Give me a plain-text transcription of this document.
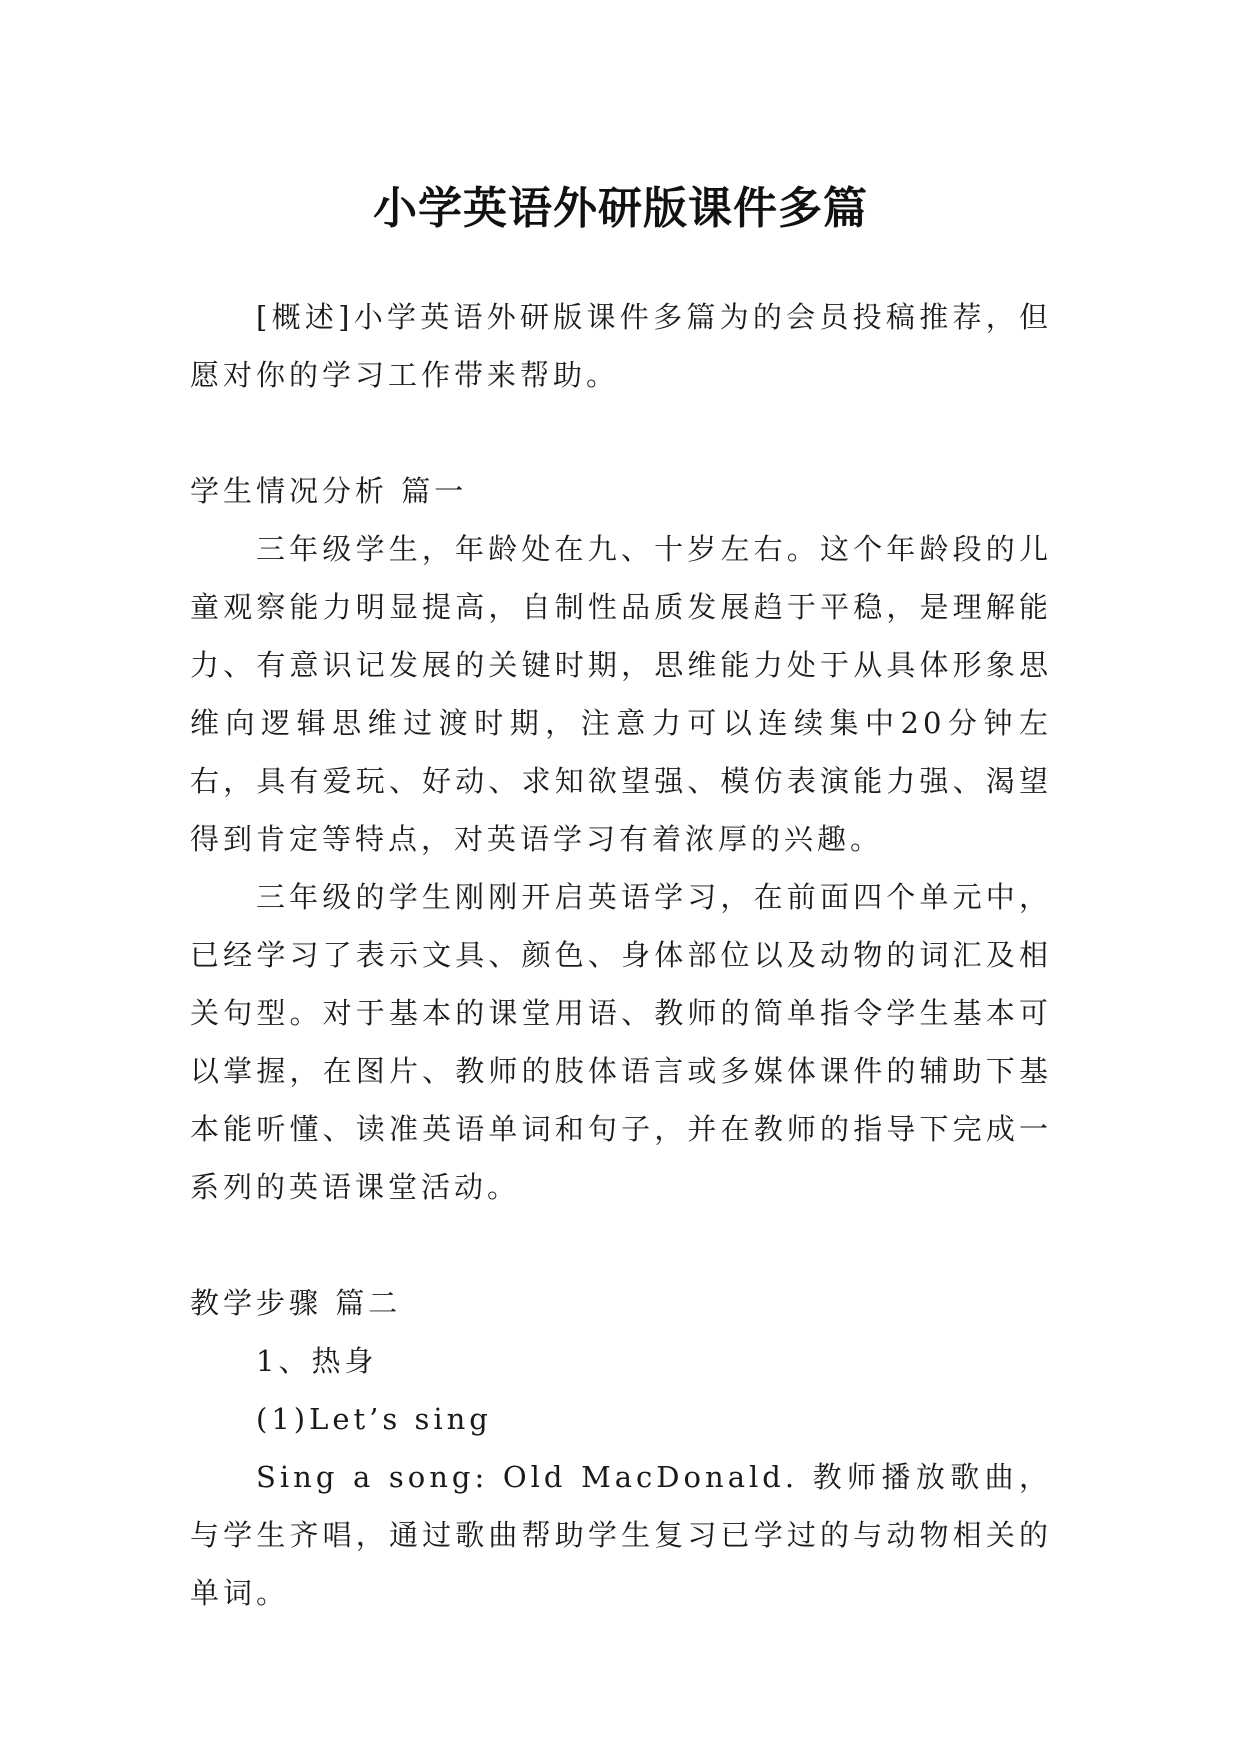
小学英语外研版课件多篇

[概述]小学英语外研版课件多篇为的会员投稿推荐，但愿对你的学习工作带来帮助。

学生情况分析 篇一

三年级学生，年龄处在九、十岁左右。这个年龄段的儿童观察能力明显提高，自制性品质发展趋于平稳，是理解能力、有意识记发展的关键时期，思维能力处于从具体形象思维向逻辑思维过渡时期，注意力可以连续集中20分钟左右，具有爱玩、好动、求知欲望强、模仿表演能力强、渴望得到肯定等特点，对英语学习有着浓厚的兴趣。

三年级的学生刚刚开启英语学习，在前面四个单元中，已经学习了表示文具、颜色、身体部位以及动物的词汇及相关句型。对于基本的课堂用语、教师的简单指令学生基本可以掌握，在图片、教师的肢体语言或多媒体课件的辅助下基本能听懂、读准英语单词和句子，并在教师的指导下完成一系列的英语课堂活动。

教学步骤 篇二

1、热身

(1)Let’s sing

Sing a song: Old MacDonald. 教师播放歌曲，与学生齐唱，通过歌曲帮助学生复习已学过的与动物相关的单词。
